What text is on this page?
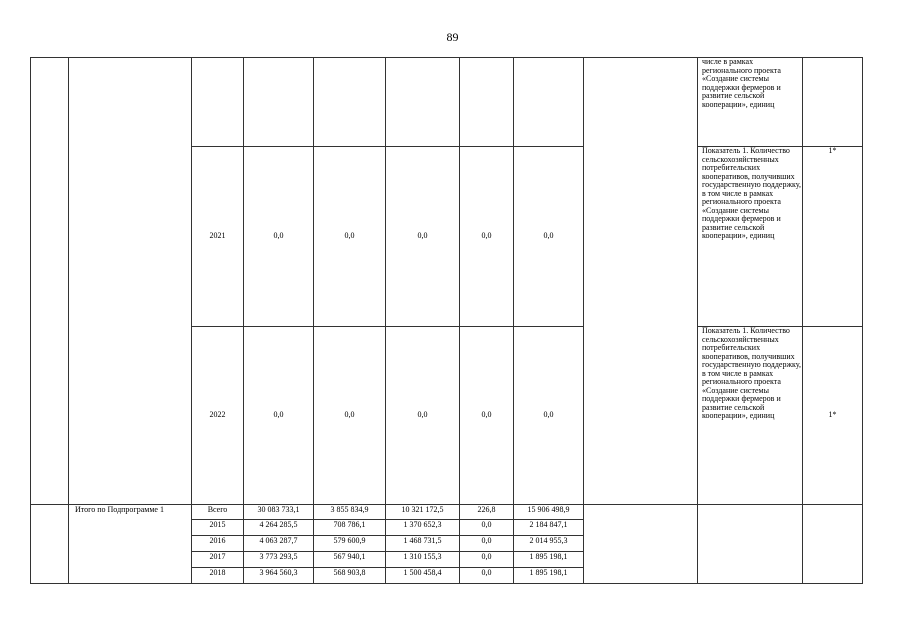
89
									числе в рамках регионального проекта «Создание системы поддержки фермеров и развитие сельской кооперации», единиц	
		2021	0,0	0,0	0,0	0,0	0,0		Показатель 1. Количество сельскохозяйственных потребительских кооперативов, получивших государственную поддержку, в том числе в рамках регионального проекта «Создание системы поддержки фермеров и развитие сельской кооперации», единиц	1*
		2022	0,0	0,0	0,0	0,0	0,0		Показатель 1. Количество сельскохозяйственных потребительских кооперативов, получивших государственную поддержку, в том числе в рамках регионального проекта «Создание системы поддержки фермеров и развитие сельской кооперации», единиц	1*
	Итого по Подпрограмме 1	Всего	30 083 733,1	3 855 834,9	10 321 172,5	226,8	15 906 498,9			
		2015	4 264 285,5	708 786,1	1 370 652,3	0,0	2 184 847,1			
		2016	4 063 287,7	579 600,9	1 468 731,5	0,0	2 014 955,3			
		2017	3 773 293,5	567 940,1	1 310 155,3	0,0	1 895 198,1			
		2018	3 964 560,3	568 903,8	1 500 458,4	0,0	1 895 198,1			
